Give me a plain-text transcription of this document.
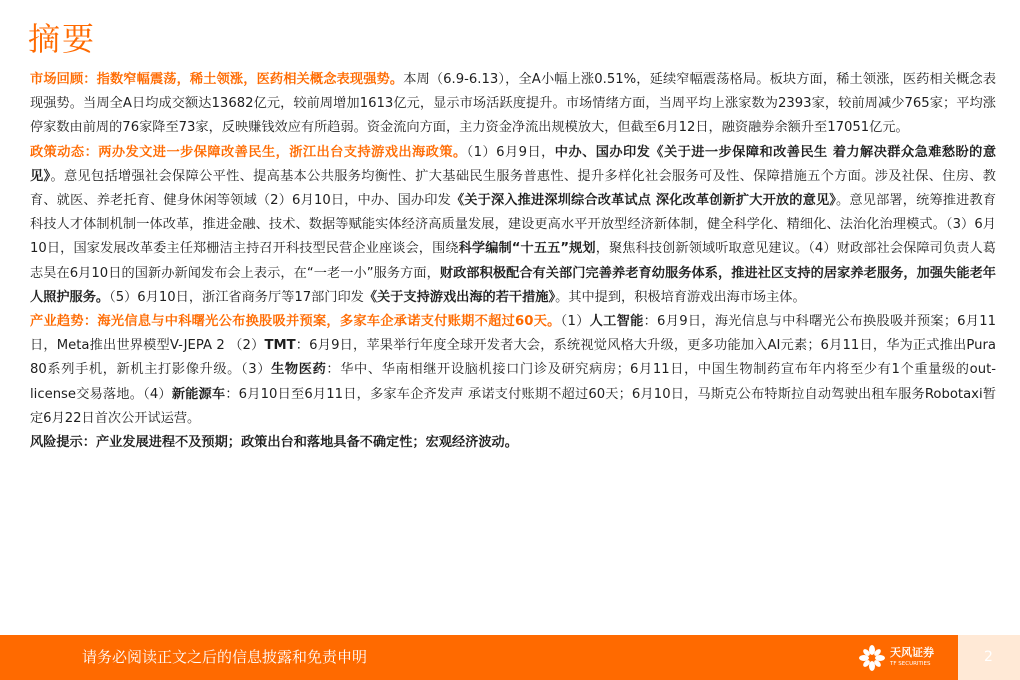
摘要

市场回顾：指数窄幅震荡，稀土领涨，医药相关概念表现强势。本周（6.9-6.13），全A小幅上涨0.51%，延续窄幅震荡格局。板块方面，稀土领涨，医药相关概念表现强势。当周全A日均成交额达13682亿元，较前周增加1613亿元，显示市场活跃度提升。市场情绪方面，当周平均上涨家数为2393家，较前周减少765家；平均涨停家数由前周的76家降至73家，反映赚钱效应有所趋弱。资金流向方面，主力资金净流出规模放大，但截至6月12日，融资融券余额升至17051亿元。

政策动态：两办发文进一步保障改善民生，浙江出台支持游戏出海政策。（1）6月9日，中办、国办印发《关于进一步保障和改善民生 着力解决群众急难愁盼的意见》。意见包括增强社会保障公平性、提高基本公共服务均衡性、扩大基础民生服务普惠性、提升多样化社会服务可及性、保障措施五个方面。涉及社保、住房、教育、就医、养老托育、健身休闲等领域（2）6月10日，中办、国办印发《关于深入推进深圳综合改革试点 深化改革创新扩大开放的意见》。意见部署，统筹推进教育科技人才体制机制一体改革，推进金融、技术、数据等赋能实体经济高质量发展，建设更高水平开放型经济新体制，健全科学化、精细化、法治化治理模式。（3）6月10日，国家发展改革委主任郑栅洁主持召开科技型民营企业座谈会，围绕科学编制“十五五”规划，聚焦科技创新领域听取意见建议。（4）财政部社会保障司负责人葛志昊在6月10日的国新办新闻发布会上表示，在“一老一小”服务方面，财政部积极配合有关部门完善养老育幼服务体系，推进社区支持的居家养老服务，加强失能老年人照护服务。（5）6月10日，浙江省商务厅等17部门印发《关于支持游戏出海的若干措施》。其中提到，积极培育游戏出海市场主体。

产业趋势：海光信息与中科曙光公布换股吸并预案，多家车企承诺支付账期不超过60天。（1）人工智能：6月9日，海光信息与中科曙光公布换股吸并预案；6月11日，Meta推出世界模型V-JEPA 2 （2）TMT：6月9日，苹果举行年度全球开发者大会，系统视觉风格大升级，更多功能加入AI元素；6月11日，华为正式推出Pura 80系列手机，新机主打影像升级。（3）生物医药：华中、华南相继开设脑机接口门诊及研究病房；6月11日，中国生物制药宣布年内将至少有1个重量级的out-license交易落地。（4）新能源车：6月10日至6月11日，多家车企齐发声 承诺支付账期不超过60天；6月10日，马斯克公布特斯拉自动驾驶出租车服务Robotaxi暂定6月22日首次公开试运营。

风险提示：产业发展进程不及预期；政策出台和落地具备不确定性；宏观经济波动。

请务必阅读正文之后的信息披露和免责申明	天风证券
TF SECURITIES	2
